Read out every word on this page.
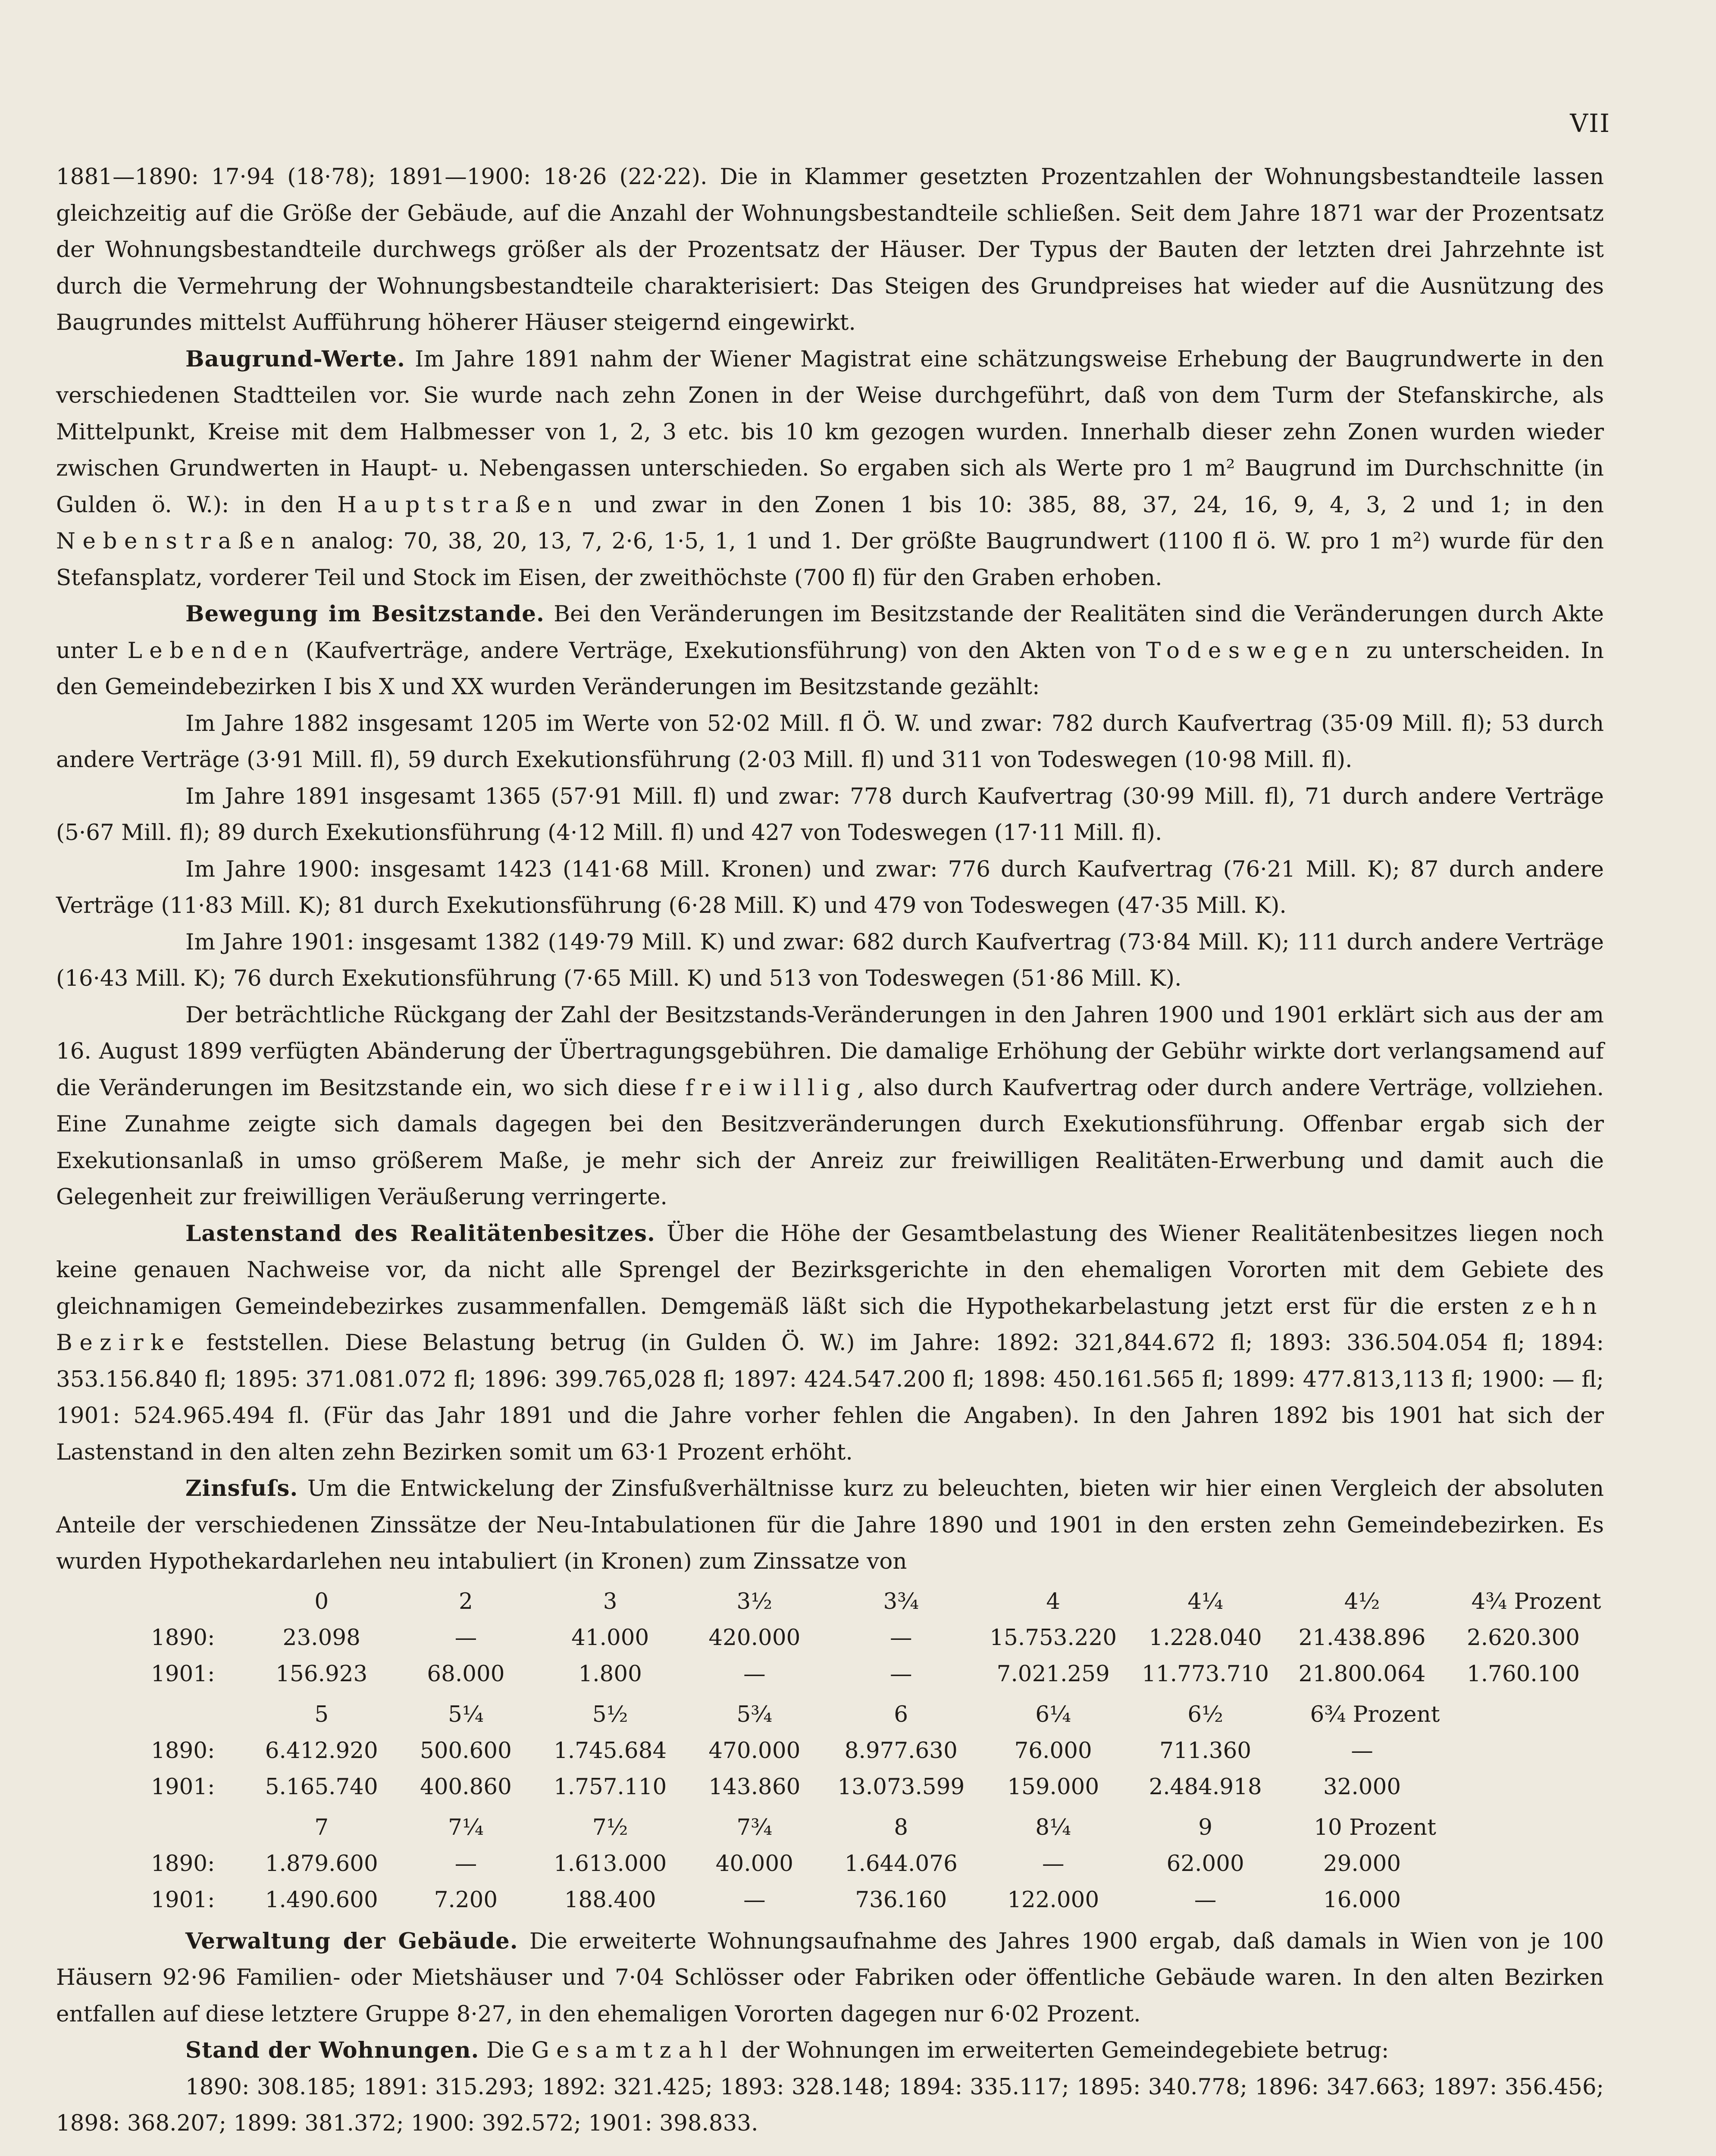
VII

1881—1890: 17·94 (18·78); 1891—1900: 18·26 (22·22). Die in Klammer gesetzten Prozentzahlen der Wohnungsbestandteile lassen gleichzeitig auf die Größe der Gebäude, auf die Anzahl der Wohnungsbestandteile schließen. Seit dem Jahre 1871 war der Prozentsatz der Wohnungsbestandteile durchwegs größer als der Prozentsatz der Häuser. Der Typus der Bauten der letzten drei Jahrzehnte ist durch die Vermehrung der Wohnungsbestandteile charakterisiert: Das Steigen des Grundpreises hat wieder auf die Ausnützung des Baugrundes mittelst Aufführung höherer Häuser steigernd eingewirkt.

Baugrund-Werte. Im Jahre 1891 nahm der Wiener Magistrat eine schätzungsweise Erhebung der Baugrundwerte in den verschiedenen Stadtteilen vor. Sie wurde nach zehn Zonen in der Weise durchgeführt, daß von dem Turm der Stefanskirche, als Mittelpunkt, Kreise mit dem Halbmesser von 1, 2, 3 etc. bis 10 km gezogen wurden. Innerhalb dieser zehn Zonen wurden wieder zwischen Grundwerten in Haupt- u. Nebengassen unterschieden. So ergaben sich als Werte pro 1 m² Baugrund im Durchschnitte (in Gulden ö. W.): in den Hauptstraßen und zwar in den Zonen 1 bis 10: 385, 88, 37, 24, 16, 9, 4, 3, 2 und 1; in den Nebenstraßen analog: 70, 38, 20, 13, 7, 2·6, 1·5, 1, 1 und 1. Der größte Baugrundwert (1100 fl ö. W. pro 1 m²) wurde für den Stefansplatz, vorderer Teil und Stock im Eisen, der zweithöchste (700 fl) für den Graben erhoben.

Bewegung im Besitzstande. Bei den Veränderungen im Besitzstande der Realitäten sind die Veränderungen durch Akte unter Lebenden (Kaufverträge, andere Verträge, Exekutionsführung) von den Akten von Todeswegen zu unterscheiden. In den Gemeindebezirken I bis X und XX wurden Veränderungen im Besitzstande gezählt:

Im Jahre 1882 insgesamt 1205 im Werte von 52·02 Mill. fl Ö. W. und zwar: 782 durch Kaufvertrag (35·09 Mill. fl); 53 durch andere Verträge (3·91 Mill. fl), 59 durch Exekutionsführung (2·03 Mill. fl) und 311 von Todeswegen (10·98 Mill. fl).

Im Jahre 1891 insgesamt 1365 (57·91 Mill. fl) und zwar: 778 durch Kaufvertrag (30·99 Mill. fl), 71 durch andere Verträge (5·67 Mill. fl); 89 durch Exekutionsführung (4·12 Mill. fl) und 427 von Todeswegen (17·11 Mill. fl).

Im Jahre 1900: insgesamt 1423 (141·68 Mill. Kronen) und zwar: 776 durch Kaufvertrag (76·21 Mill. K); 87 durch andere Verträge (11·83 Mill. K); 81 durch Exekutionsführung (6·28 Mill. K) und 479 von Todeswegen (47·35 Mill. K).

Im Jahre 1901: insgesamt 1382 (149·79 Mill. K) und zwar: 682 durch Kaufvertrag (73·84 Mill. K); 111 durch andere Verträge (16·43 Mill. K); 76 durch Exekutionsführung (7·65 Mill. K) und 513 von Todeswegen (51·86 Mill. K).

Der beträchtliche Rückgang der Zahl der Besitzstands-Veränderungen in den Jahren 1900 und 1901 erklärt sich aus der am 16. August 1899 verfügten Abänderung der Übertragungsgebühren. Die damalige Erhöhung der Gebühr wirkte dort verlangsamend auf die Veränderungen im Besitzstande ein, wo sich diese freiwillig, also durch Kaufvertrag oder durch andere Verträge, vollziehen. Eine Zunahme zeigte sich damals dagegen bei den Besitzveränderungen durch Exekutionsführung. Offenbar ergab sich der Exekutionsanlaß in umso größerem Maße, je mehr sich der Anreiz zur freiwilligen Realitäten-Erwerbung und damit auch die Gelegenheit zur freiwilligen Veräußerung verringerte.

Lastenstand des Realitätenbesitzes. Über die Höhe der Gesamtbelastung des Wiener Realitätenbesitzes liegen noch keine genauen Nachweise vor, da nicht alle Sprengel der Bezirksgerichte in den ehemaligen Vororten mit dem Gebiete des gleichnamigen Gemeindebezirkes zusammenfallen. Demgemäß läßt sich die Hypothekarbelastung jetzt erst für die ersten zehn Bezirke feststellen. Diese Belastung betrug (in Gulden Ö. W.) im Jahre: 1892: 321,844.672 fl; 1893: 336.504.054 fl; 1894: 353.156.840 fl; 1895: 371.081.072 fl; 1896: 399.765,028 fl; 1897: 424.547.200 fl; 1898: 450.161.565 fl; 1899: 477.813,113 fl; 1900: — fl; 1901: 524.965.494 fl. (Für das Jahr 1891 und die Jahre vorher fehlen die Angaben). In den Jahren 1892 bis 1901 hat sich der Lastenstand in den alten zehn Bezirken somit um 63·1 Prozent erhöht.

Zinsfuſs. Um die Entwickelung der Zinsfußverhältnisse kurz zu beleuchten, bieten wir hier einen Vergleich der absoluten Anteile der verschiedenen Zinssätze der Neu-Intabulationen für die Jahre 1890 und 1901 in den ersten zehn Gemeindebezirken. Es wurden Hypothekardarlehen neu intabuliert (in Kronen) zum Zinssatze von

	0	2	3	3½	3¾	4	4¼	4½	4¾ Prozent
1890:	23.098	—	41.000	420.000	—	15.753.220	1.228.040	21.438.896	2.620.300
1901:	156.923	68.000	1.800	—	—	7.021.259	11.773.710	21.800.064	1.760.100

	5	5¼	5½	5¾	6	6¼	6½	6¾ Prozent	
1890:	6.412.920	500.600	1.745.684	470.000	8.977.630	76.000	711.360	—	
1901:	5.165.740	400.860	1.757.110	143.860	13.073.599	159.000	2.484.918	32.000	

	7	7¼	7½	7¾	8	8¼	9	10 Prozent	
1890:	1.879.600	—	1.613.000	40.000	1.644.076	—	62.000	29.000	
1901:	1.490.600	7.200	188.400	—	736.160	122.000	—	16.000	

Verwaltung der Gebäude. Die erweiterte Wohnungsaufnahme des Jahres 1900 ergab, daß damals in Wien von je 100 Häusern 92·96 Familien- oder Mietshäuser und 7·04 Schlösser oder Fabriken oder öffentliche Gebäude waren. In den alten Bezirken entfallen auf diese letztere Gruppe 8·27, in den ehemaligen Vororten dagegen nur 6·02 Prozent.

Stand der Wohnungen. Die Gesamtzahl der Wohnungen im erweiterten Gemeindegebiete betrug:

1890: 308.185; 1891: 315.293; 1892: 321.425; 1893: 328.148; 1894: 335.117; 1895: 340.778; 1896: 347.663; 1897: 356.456; 1898: 368.207; 1899: 381.372; 1900: 392.572; 1901: 398.833.
